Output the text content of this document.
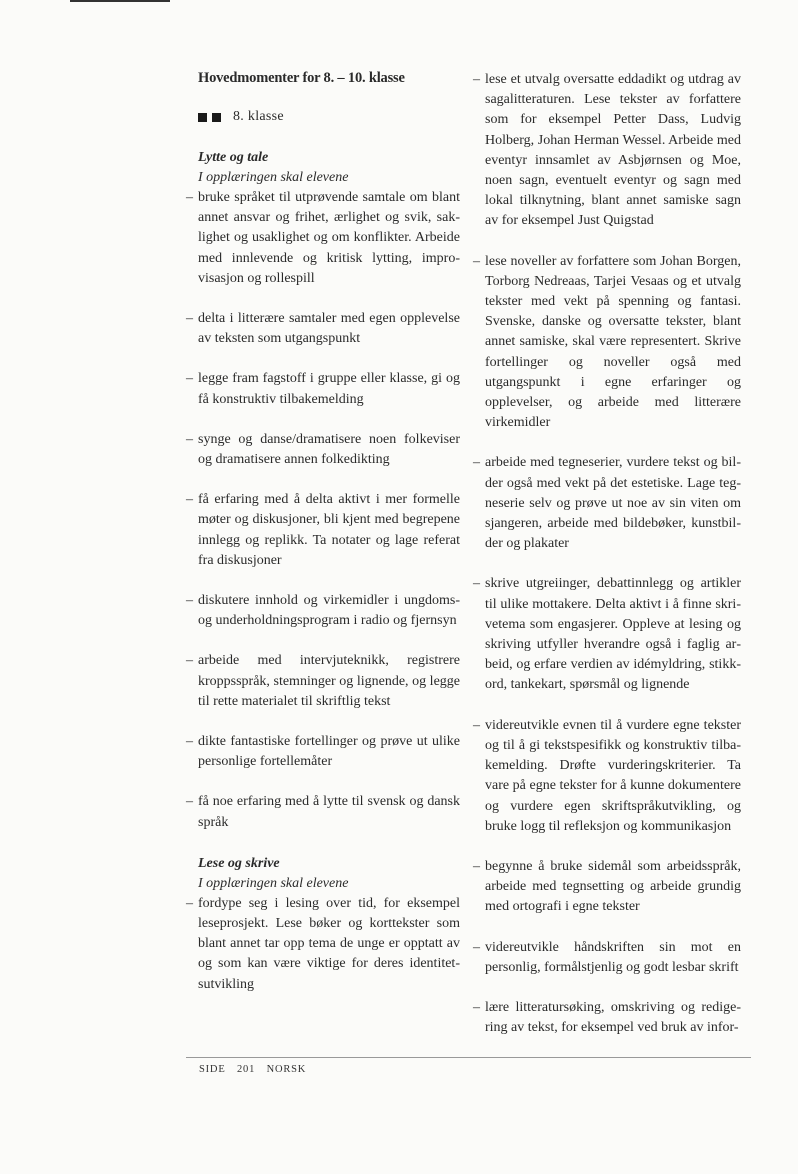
Hovedmomenter for 8. – 10. klasse
8. klasse
Lytte og tale
I opplæringen skal elevene
– bruke språket til utprøvende samtale om blant annet ansvar og frihet, ærlighet og svik, saklighet og usaklighet og om konflikter. Arbeide med innlevende og kritisk lytting, improvisasjon og rollespill
– delta i litterære samtaler med egen opplevelse av teksten som utgangspunkt
– legge fram fagstoff i gruppe eller klasse, gi og få konstruktiv tilbakemelding
– synge og danse/dramatisere noen folkeviser og dramatisere annen folkedikting
– få erfaring med å delta aktivt i mer formelle møter og diskusjoner, bli kjent med begrepene innlegg og replikk. Ta notater og lage referat fra diskusjoner
– diskutere innhold og virkemidler i ungdoms- og underholdningsprogram i radio og fjernsyn
– arbeide med intervjuteknikk, registrere kroppsspråk, stemninger og lignende, og legge til rette materialet til skriftlig tekst
– dikte fantastiske fortellinger og prøve ut ulike personlige fortellemåter
– få noe erfaring med å lytte til svensk og dansk språk
Lese og skrive
I opplæringen skal elevene
– fordype seg i lesing over tid, for eksempel leseprosjekt. Lese bøker og korttekster som blant annet tar opp tema de unge er opptatt av og som kan være viktige for deres identitetsutvikling
– lese et utvalg oversatte eddadikt og utdrag av sagalitteraturen. Lese tekster av forfattere som for eksempel Petter Dass, Ludvig Holberg, Johan Herman Wessel. Arbeide med eventyr innsamlet av Asbjørnsen og Moe, noen sagn, eventuelt eventyr og sagn med lokal tilknytning, blant annet samiske sagn av for eksempel Just Quigstad
– lese noveller av forfattere som Johan Borgen, Torborg Nedreaas, Tarjei Vesaas og et utvalg tekster med vekt på spenning og fantasi. Svenske, danske og oversatte tekster, blant annet samiske, skal være representert. Skrive fortellinger og noveller også med utgangspunkt i egne erfaringer og opplevelser, og arbeide med litterære virkemidler
– arbeide med tegneserier, vurdere tekst og bilder også med vekt på det estetiske. Lage tegneserie selv og prøve ut noe av sin viten om sjangeren, arbeide med bildebøker, kunstbilder og plakater
– skrive utgreiinger, debattinnlegg og artikler til ulike mottakere. Delta aktivt i å finne skrivetema som engasjerer. Oppleve at lesing og skriving utfyller hverandre også i faglig arbeid, og erfare verdien av idémyldring, stikkord, tankekart, spørsmål og lignende
– videreutvikle evnen til å vurdere egne tekster og til å gi tekstspesifikk og konstruktiv tilbakemelding. Drøfte vurderingskriterier. Ta vare på egne tekster for å kunne dokumentere og vurdere egen skriftspråkutvikling, og bruke logg til refleksjon og kommunikasjon
– begynne å bruke sidemål som arbeidsspråk, arbeide med tegnsetting og arbeide grundig med ortografi i egne tekster
– videreutvikle håndskriften sin mot en personlig, formålstjenlig og godt lesbar skrift
– lære litteratursøking, omskriving og redigering av tekst, for eksempel ved bruk av infor-
SIDE 201 NORSK
